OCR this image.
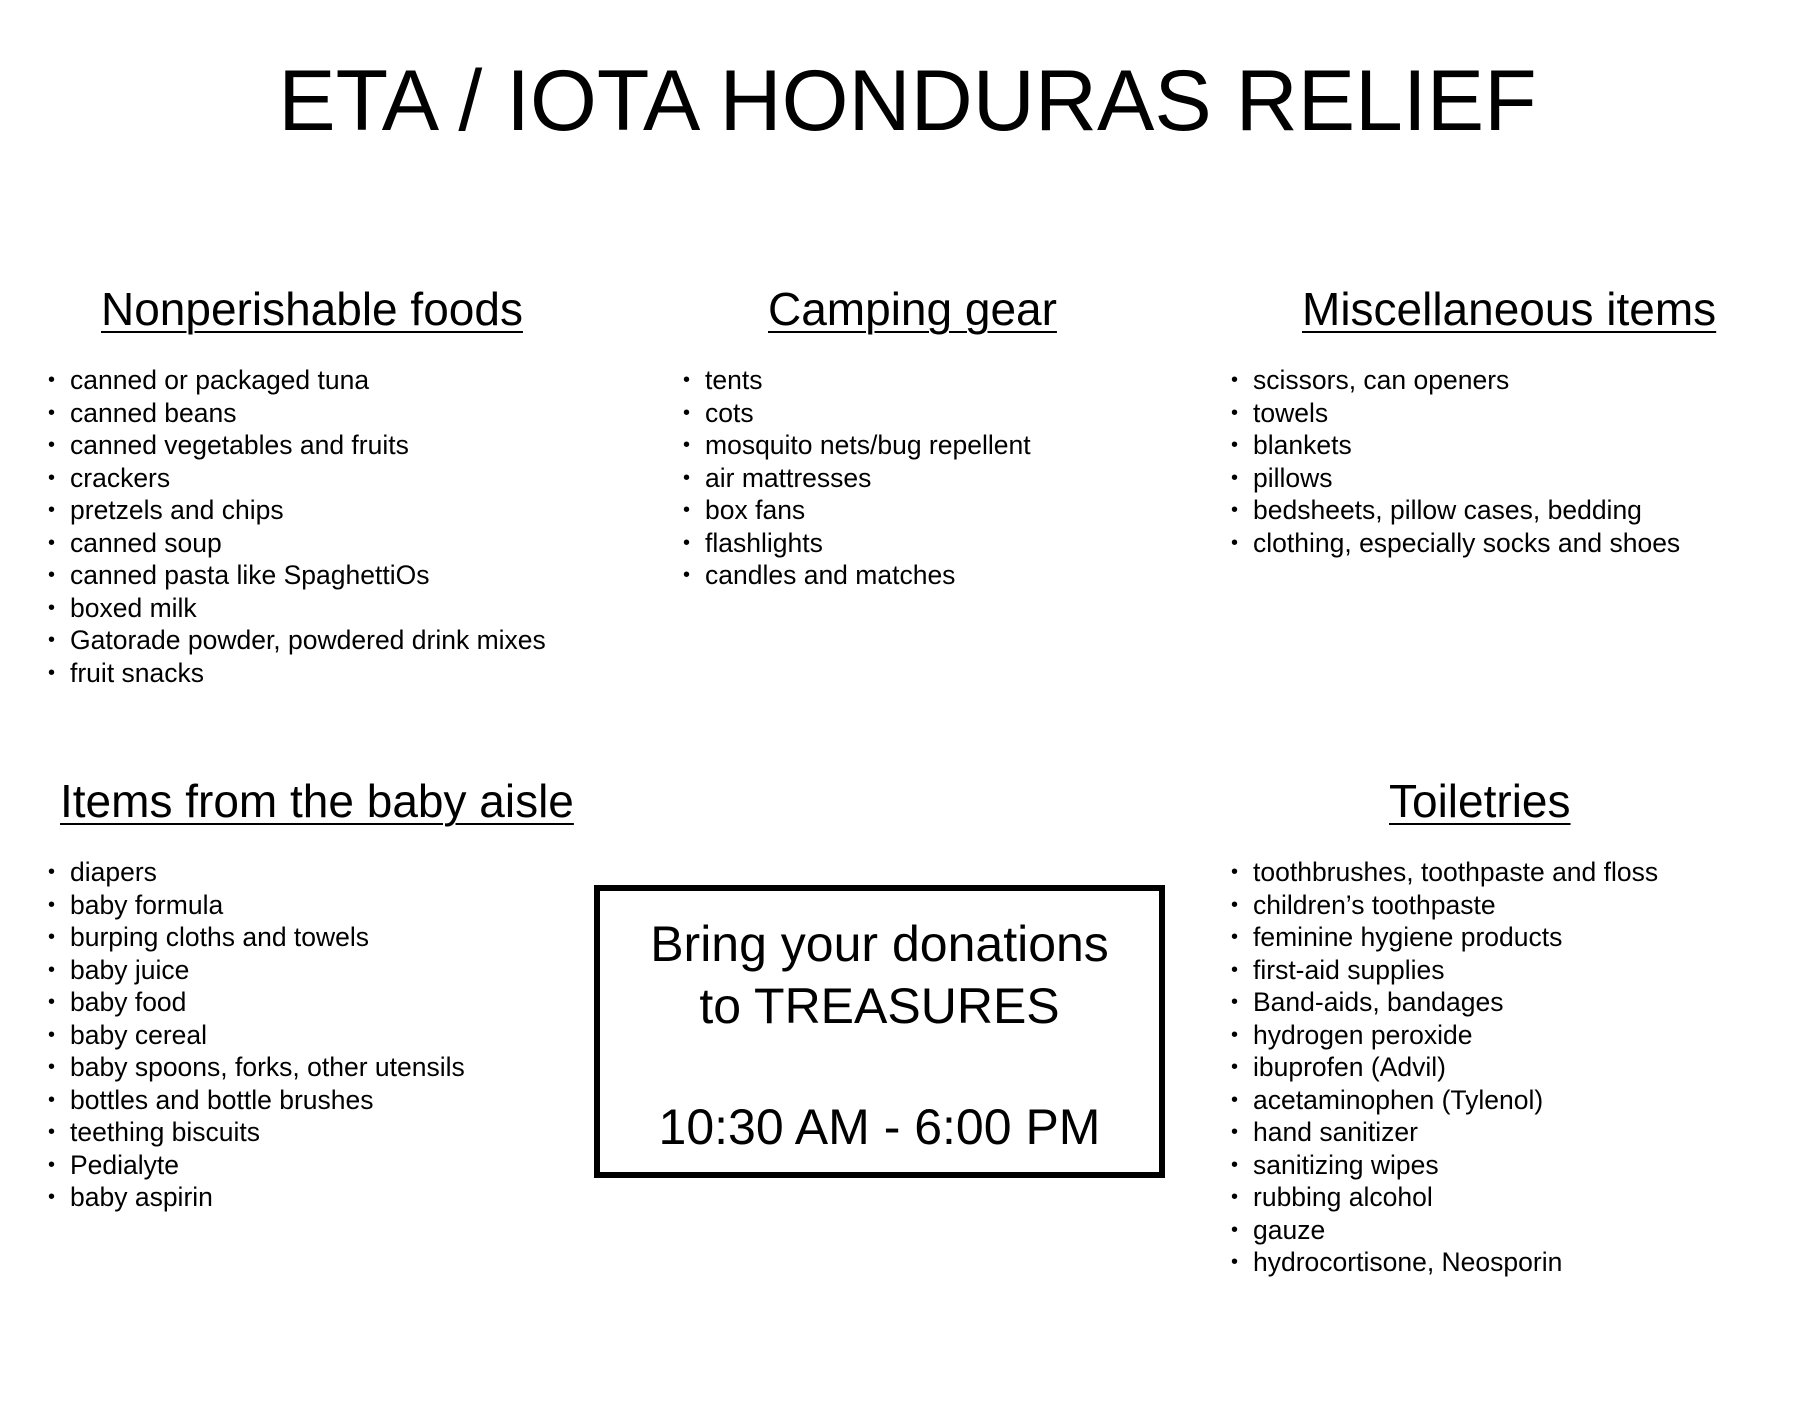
ETA / IOTA HONDURAS RELIEF
Nonperishable foods
• canned or packaged tuna
• canned beans
• canned vegetables and fruits
• crackers
• pretzels and chips
• canned soup
• canned pasta like SpaghettiOs
• boxed milk
• Gatorade powder, powdered drink mixes
• fruit snacks
Camping gear
• tents
• cots
• mosquito nets/bug repellent
• air mattresses
• box fans
• flashlights
• candles and matches
Miscellaneous items
• scissors, can openers
• towels
• blankets
• pillows
• bedsheets, pillow cases, bedding
• clothing, especially socks and shoes
Items from the baby aisle
• diapers
• baby formula
• burping cloths and towels
• baby juice
• baby food
• baby cereal
• baby spoons, forks, other utensils
• bottles and bottle brushes
• teething biscuits
• Pedialyte
• baby aspirin
Toiletries
• toothbrushes, toothpaste and floss
• children’s toothpaste
• feminine hygiene products
• first-aid supplies
• Band-aids, bandages
• hydrogen peroxide
• ibuprofen (Advil)
• acetaminophen (Tylenol)
• hand sanitizer
• sanitizing wipes
• rubbing alcohol
• gauze
• hydrocortisone, Neosporin
Bring your donations
to TREASURES
10:30 AM - 6:00 PM
